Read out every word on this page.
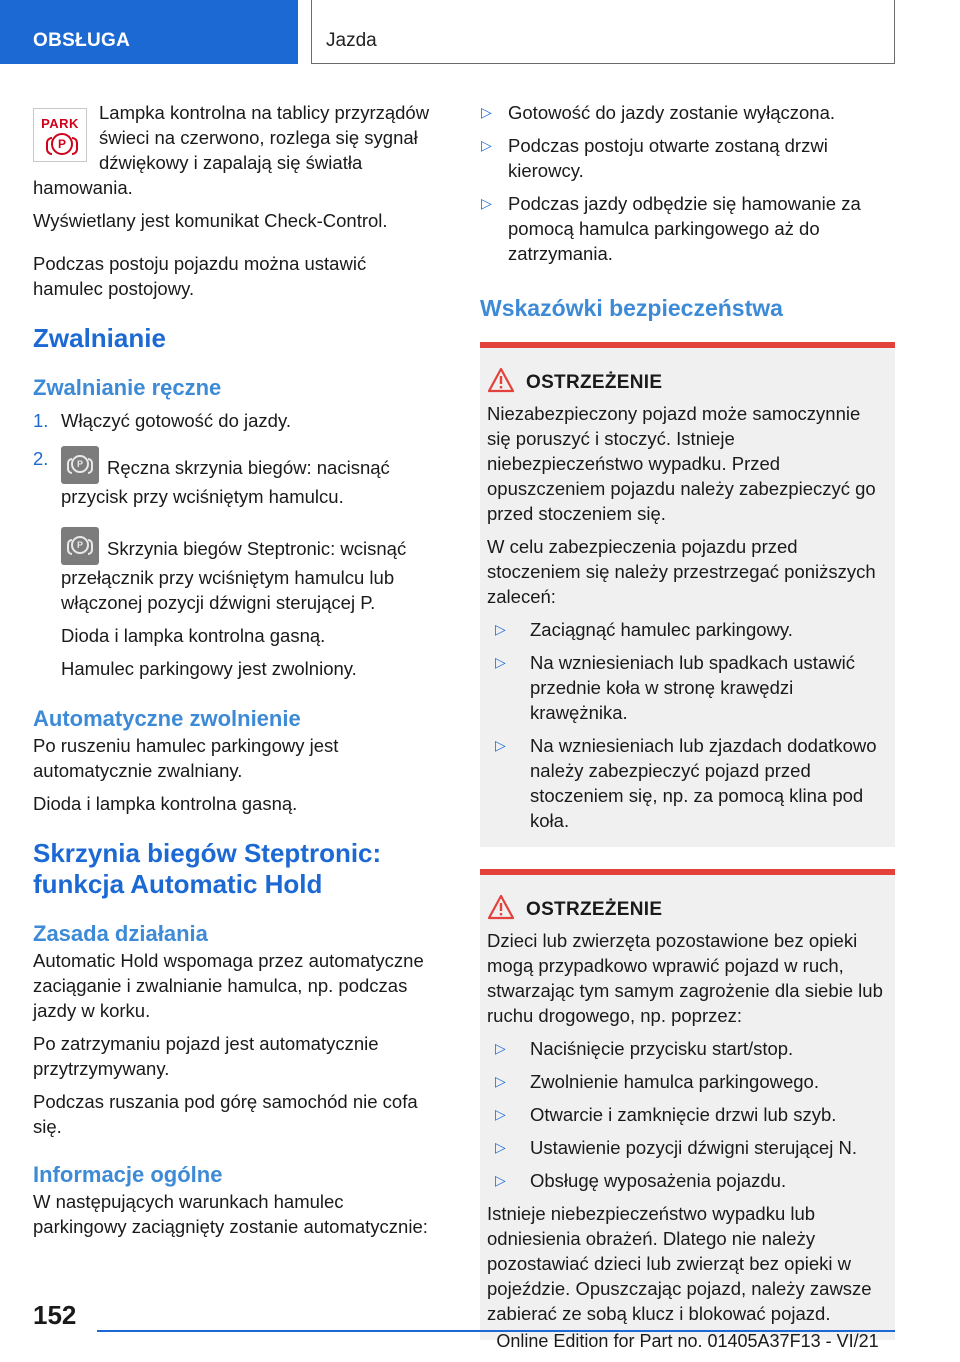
OBSŁUGA	Jazda
PARK
P

Lampka kontrolna na tablicy przyrządów świeci na czerwono, rozlega się sygnał dźwiękowy i zapalają się światła hamowania.

Wyświetlany jest komunikat Check-Control.

Podczas postoju pojazdu można ustawić hamulec postojowy.

Zwalnianie
Zwalnianie ręczne
1. Włączyć gotowość do jazdy.

2.	P	Ręczna skrzynia biegów: nacisnąć przycisk przy wciśniętym hamulcu.

P	Skrzynia biegów Steptronic: wcisnąć przełącznik przy wciśniętym hamulcu lub włączonej pozycji dźwigni sterującej P.

Dioda i lampka kontrolna gasną.

Hamulec parkingowy jest zwolniony.

Automatyczne zwolnienie

Po ruszeniu hamulec parkingowy jest automatycznie zwalniany.

Dioda i lampka kontrolna gasną.

Skrzynia biegów Steptronic: funkcja Automatic Hold
Zasada działania

Automatic Hold wspomaga przez automatyczne zaciąganie i zwalnianie hamulca, np. podczas jazdy w korku.

Po zatrzymaniu pojazd jest automatycznie przytrzymywany.

Podczas ruszania pod górę samochód nie cofa się.

Informacje ogólne

W następujących warunkach hamulec parkingowy zaciągnięty zostanie automatycznie:

▷ Gotowość do jazdy zostanie wyłączona.

▷ Podczas postoju otwarte zostaną drzwi kierowcy.

▷ Podczas jazdy odbędzie się hamowanie za pomocą hamulca parkingowego aż do zatrzymania.

Wskazówki bezpieczeństwa
OSTRZEŻENIE

Niezabezpieczony pojazd może samoczynnie się poruszyć i stoczyć. Istnieje niebezpieczeństwo wypadku. Przed opuszczeniem pojazdu należy zabezpieczyć go przed stoczeniem się.

W celu zabezpieczenia pojazdu przed stoczeniem się należy przestrzegać poniższych zaleceń:

▷ Zaciągnąć hamulec parkingowy.

▷ Na wzniesieniach lub spadkach ustawić przednie koła w stronę krawędzi krawężnika.

▷ Na wzniesieniach lub zjazdach dodatkowo należy zabezpieczyć pojazd przed stoczeniem się, np. za pomocą klina pod koła.

OSTRZEŻENIE

Dzieci lub zwierzęta pozostawione bez opieki mogą przypadkowo wprawić pojazd w ruch, stwarzając tym samym zagrożenie dla siebie lub ruchu drogowego, np. poprzez:

▷ Naciśnięcie przycisku start/stop.

▷ Zwolnienie hamulca parkingowego.

▷ Otwarcie i zamknięcie drzwi lub szyb.

▷ Ustawienie pozycji dźwigni sterującej N.

▷ Obsługę wyposażenia pojazdu.

Istnieje niebezpieczeństwo wypadku lub odniesienia obrażeń. Dlatego nie należy pozostawiać dzieci lub zwierząt bez opieki w pojeździe. Opuszczając pojazd, należy zawsze zabierać ze sobą klucz i blokować pojazd.

152
Online Edition for Part no. 01405A37F13 - VI/21
